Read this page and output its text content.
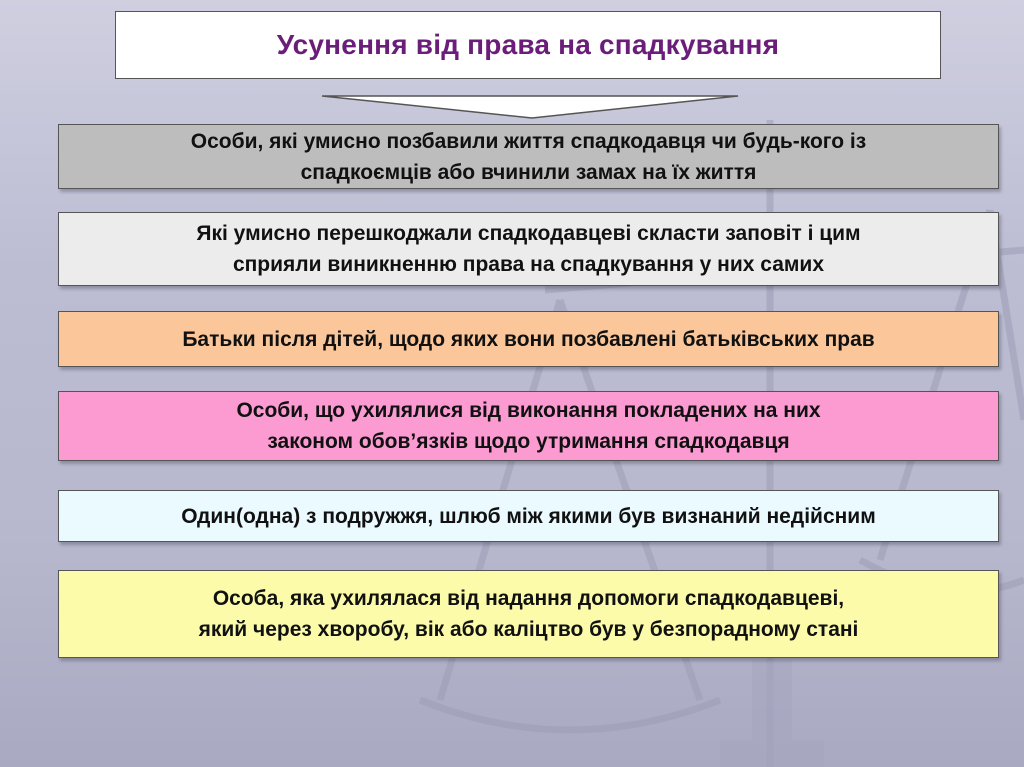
Усунення від права на спадкування
Особи, які умисно позбавили життя спадкодавця чи будь-кого із
спадкоємців або вчинили замах на їх життя
Які умисно перешкоджали спадкодавцеві скласти заповіт і цим
сприяли виникненню права на спадкування у них самих
Батьки після дітей, щодо яких вони позбавлені батьківських прав
Особи, що ухилялися від виконання покладених на них
законом обов’язків щодо утримання спадкодавця
Один(одна) з подружжя, шлюб між якими був визнаний недійсним
Особа, яка ухилялася від надання допомоги спадкодавцеві,
який через хворобу, вік або каліцтво був у безпорадному стані
